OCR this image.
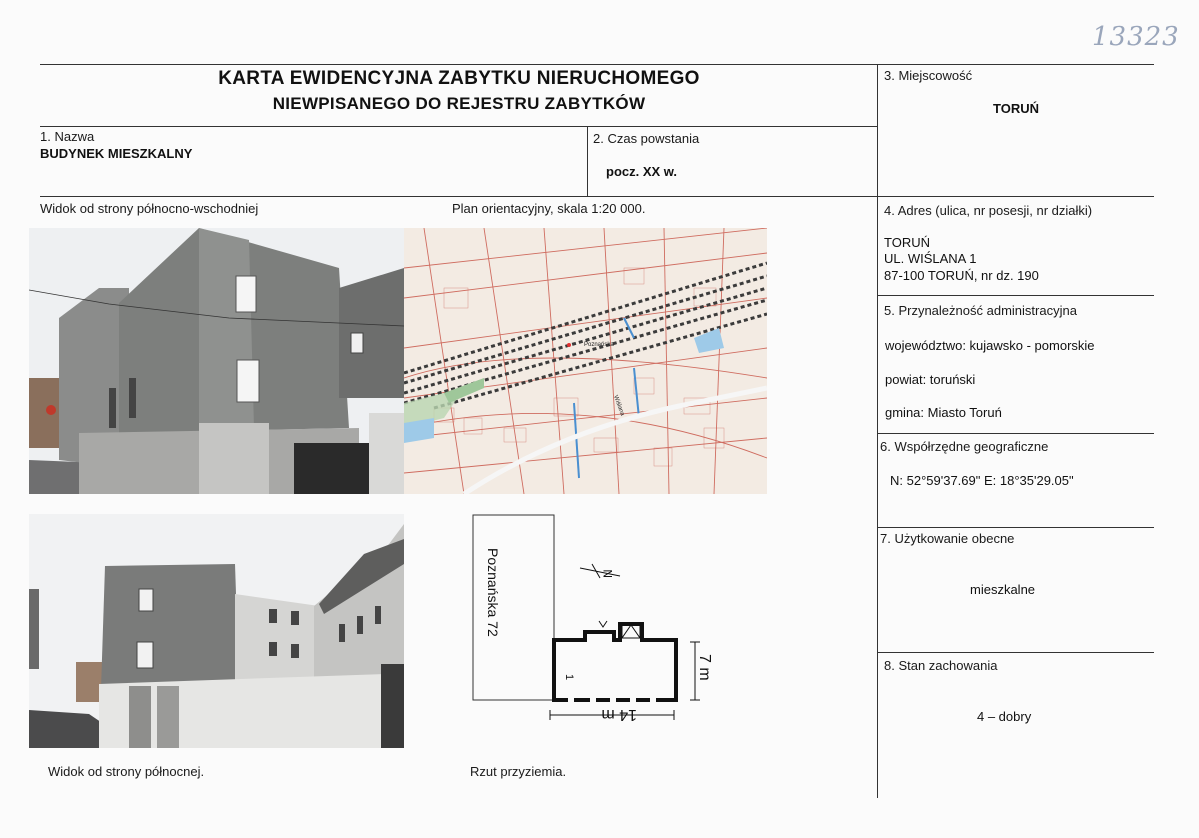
13323
KARTA EWIDENCYJNA ZABYTKU NIERUCHOMEGO
NIEWPISANEGO DO REJESTRU ZABYTKÓW
1. Nazwa
BUDYNEK MIESZKALNY
2. Czas powstania
pocz. XX w.
3. Miejscowość
TORUŃ
4. Adres (ulica, nr posesji, nr działki)
TORUŃ
UL. WIŚLANA 1
87-100 TORUŃ, nr dz. 190
5. Przynależność administracyjna
województwo: kujawsko - pomorskie
powiat: toruński
gmina: Miasto Toruń
6. Współrzędne geograficzne
N: 52°59'37.69" E: 18°35'29.05"
7. Użytkowanie obecne
mieszkalne
8. Stan zachowania
4 – dobry
Widok od strony północno-wschodniej	Plan orientacyjny, skala 1:20 000.
Widok od strony północnej.	Rzut przyziemia.
Poznańska
Wiślana
Poznańska 72	N
1
14 m
7 m
